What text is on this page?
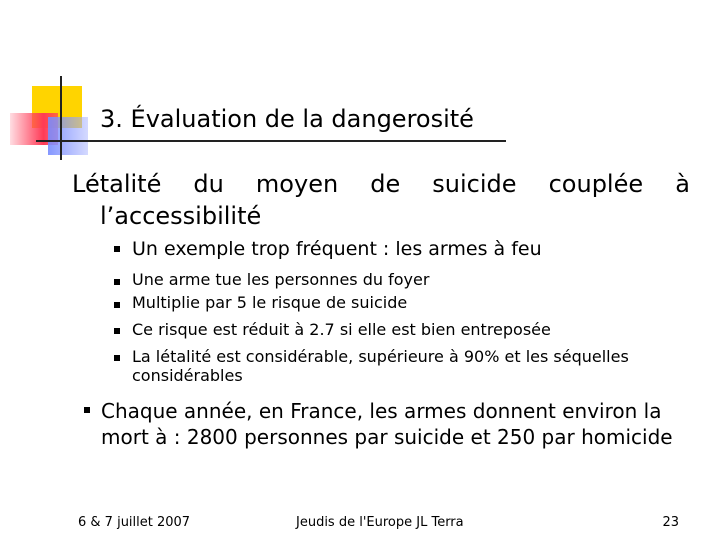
3. Évaluation de la dangerosité
Létalité du moyen de suicide couplée à
l’accessibilité
Un exemple trop fréquent : les armes à feu
Une arme tue les personnes du foyer
Multiplie par 5 le risque de suicide
Ce risque est réduit à 2.7 si elle est bien entreposée
La létalité est considérable, supérieure à 90% et les séquelles considérables
Chaque année, en France, les armes donnent environ la mort à : 2800 personnes par suicide et 250 par homicide
6 & 7 juillet 2007	Jeudis de l'Europe JL Terra	23
